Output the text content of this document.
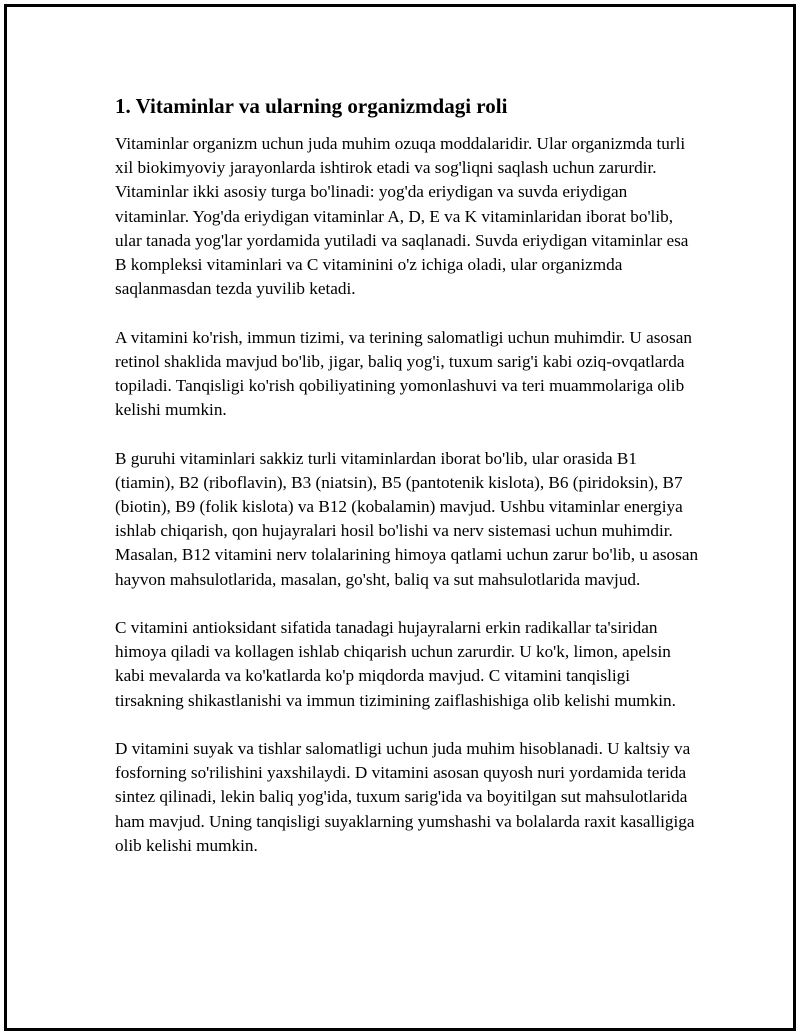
1. Vitaminlar va ularning organizmdagi roli

Vitaminlar organizm uchun juda muhim ozuqa moddalaridir. Ular organizmda turli xil biokimyoviy jarayonlarda ishtirok etadi va sog'liqni saqlash uchun zarurdir. Vitaminlar ikki asosiy turga bo'linadi: yog'da eriydigan va suvda eriydigan vitaminlar. Yog'da eriydigan vitaminlar A, D, E va K vitaminlaridan iborat bo'lib, ular tanada yog'lar yordamida yutiladi va saqlanadi. Suvda eriydigan vitaminlar esa B kompleksi vitaminlari va C vitaminini o'z ichiga oladi, ular organizmda saqlanmasdan tezda yuvilib ketadi.

A vitamini ko'rish, immun tizimi, va terining salomatligi uchun muhimdir. U asosan retinol shaklida mavjud bo'lib, jigar, baliq yog'i, tuxum sarig'i kabi oziq-ovqatlarda topiladi. Tanqisligi ko'rish qobiliyatining yomonlashuvi va teri muammolariga olib kelishi mumkin.

B guruhi vitaminlari sakkiz turli vitaminlardan iborat bo'lib, ular orasida B1 (tiamin), B2 (riboflavin), B3 (niatsin), B5 (pantotenik kislota), B6 (piridoksin), B7 (biotin), B9 (folik kislota) va B12 (kobalamin) mavjud. Ushbu vitaminlar energiya ishlab chiqarish, qon hujayralari hosil bo'lishi va nerv sistemasi uchun muhimdir. Masalan, B12 vitamini nerv tolalarining himoya qatlami uchun zarur bo'lib, u asosan hayvon mahsulotlarida, masalan, go'sht, baliq va sut mahsulotlarida mavjud.

C vitamini antioksidant sifatida tanadagi hujayralarni erkin radikallar ta'siridan himoya qiladi va kollagen ishlab chiqarish uchun zarurdir. U ko'k, limon, apelsin kabi mevalarda va ko'katlarda ko'p miqdorda mavjud. C vitamini tanqisligi tirsakning shikastlanishi va immun tizimining zaiflashishiga olib kelishi mumkin.

D vitamini suyak va tishlar salomatligi uchun juda muhim hisoblanadi. U kaltsiy va fosforning so'rilishini yaxshilaydi. D vitamini asosan quyosh nuri yordamida terida sintez qilinadi, lekin baliq yog'ida, tuxum sarig'ida va boyitilgan sut mahsulotlarida ham mavjud. Uning tanqisligi suyaklarning yumshashi va bolalarda raxit kasalligiga olib kelishi mumkin.
